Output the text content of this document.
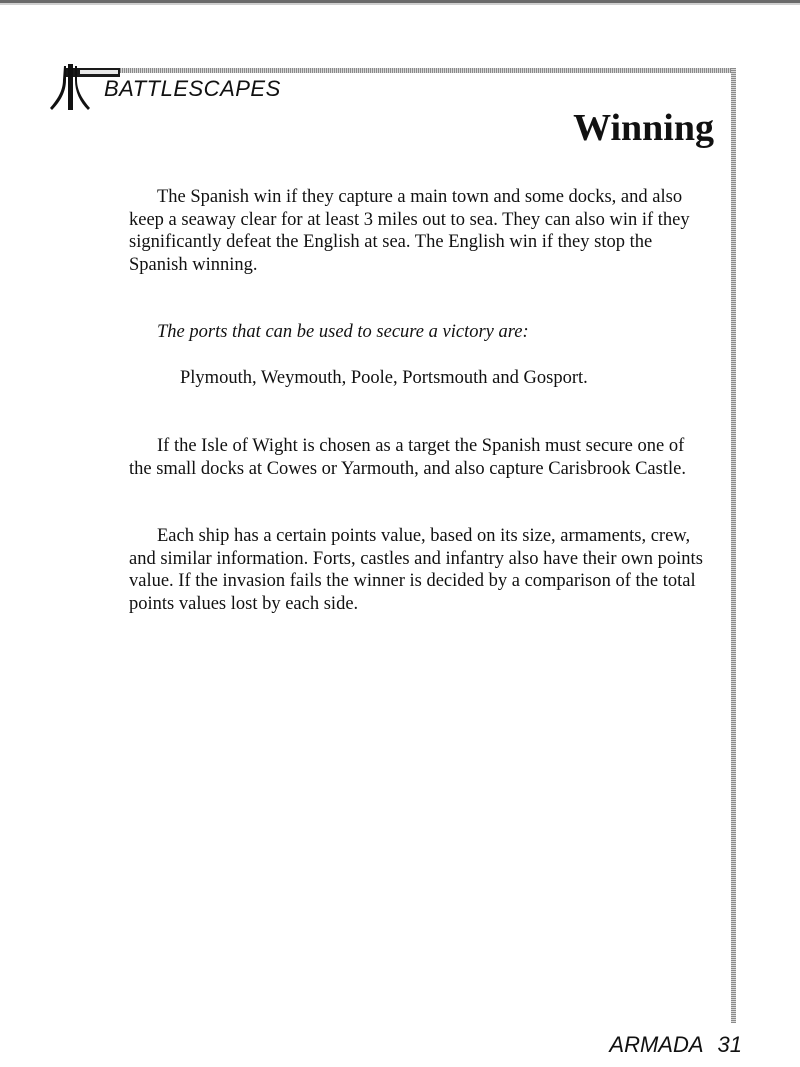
BATTLESCAPES
Winning

The Spanish win if they capture a main town and some docks, and also keep a seaway clear for at least 3 miles out to sea. They can also win if they significantly defeat the English at sea. The English win if they stop the Spanish winning.

The ports that can be used to secure a victory are:

Plymouth, Weymouth, Poole, Portsmouth and Gosport.

If the Isle of Wight is chosen as a target the Spanish must secure one of the small docks at Cowes or Yarmouth, and also capture Carisbrook Castle.

Each ship has a certain points value, based on its size, armaments, crew, and similar information. Forts, castles and infantry also have their own points value. If the invasion fails the winner is decided by a comparison of the total points values lost by each side.

ARMADA 31
